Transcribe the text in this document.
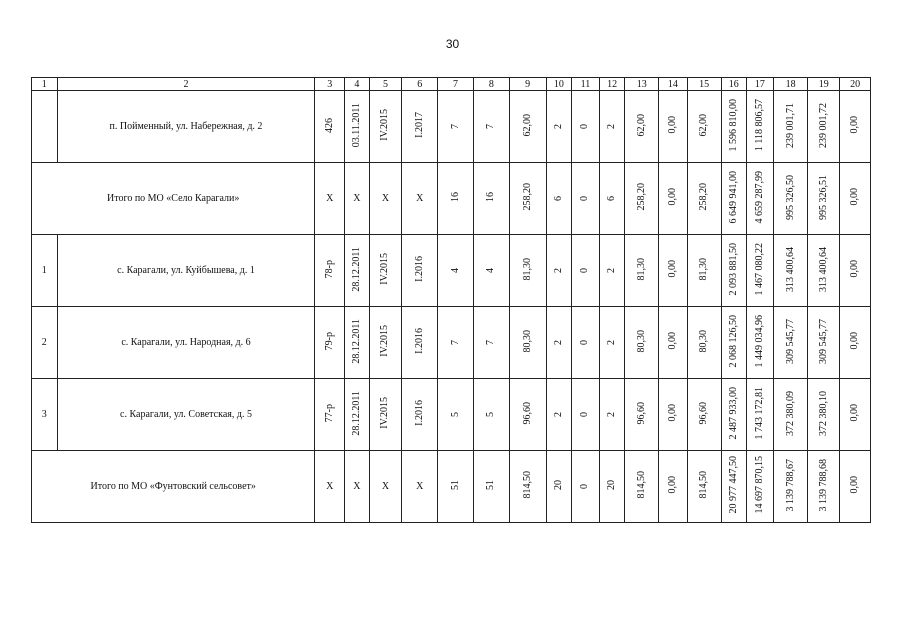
30
1	2	3	4	5	6	7	8	9	10	11	12	13	14	15	16	17	18	19	20
	п. Пойменный, ул. Набережная, д. 2	426	03.11.2011	IV.2015	I.2017	7	7	62,00	2	0	2	62,00	0,00	62,00	1 596 810,00	1 118 806,57	239 001,71	239 001,72	0,00
Итого по МО «Село Карагали»		X	X	X	X	16	16	258,20	6	0	6	258,20	0,00	258,20	6 649 941,00	4 659 287,99	995 326,50	995 326,51	0,00
1	с. Карагали, ул. Куйбышева, д. 1	78-р	28.12.2011	IV.2015	I.2016	4	4	81,30	2	0	2	81,30	0,00	81,30	2 093 881,50	1 467 080,22	313 400,64	313 400,64	0,00
2	с. Карагали, ул. Народная, д. 6	79-р	28.12.2011	IV.2015	I.2016	7	7	80,30	2	0	2	80,30	0,00	80,30	2 068 126,50	1 449 034,96	309 545,77	309 545,77	0,00
3	с. Карагали, ул. Советская, д. 5	77-р	28.12.2011	IV.2015	I.2016	5	5	96,60	2	0	2	96,60	0,00	96,60	2 487 933,00	1 743 172,81	372 380,09	372 380,10	0,00
Итого по МО «Фунтовский сельсовет»		X	X	X	X	51	51	814,50	20	0	20	814,50	0,00	814,50	20 977 447,50	14 697 870,15	3 139 788,67	3 139 788,68	0,00
